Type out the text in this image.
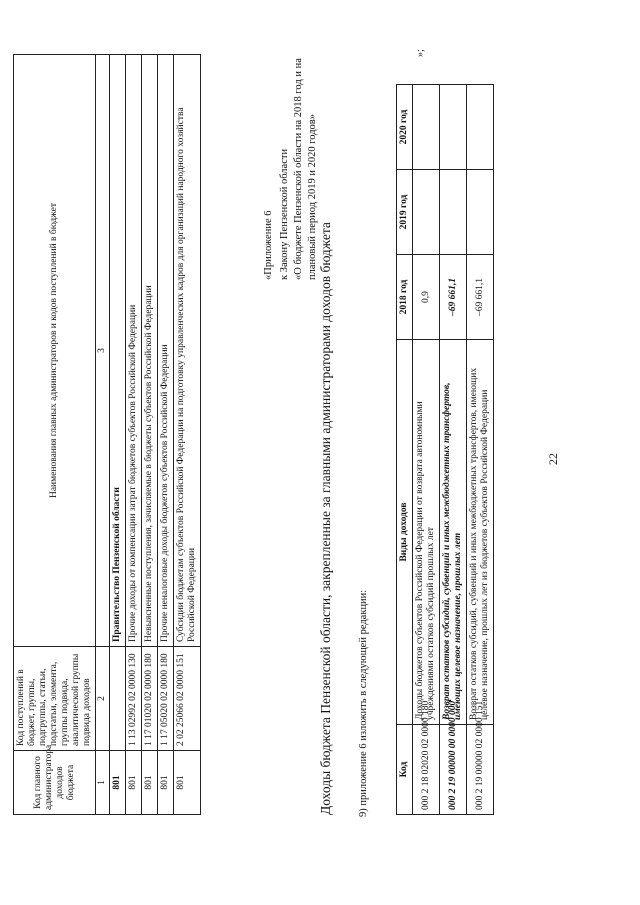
22
Код	Виды доходов	2018 год	2019 год	2020 год
000 2 18 02020 02 0000 180	Доходы бюджетов субъектов Российской Федерации от возврата автономными учреждениями остатков субсидий прошлых лет	0,9		
000 2 19 00000 00 0000 000	Возврат остатков субсидий, субвенций и иных межбюджетных трансфертов, имеющих целевое назначение, прошлых лет	–69 661,1		
000 2 19 00000 02 0000 151	Возврат остатков субсидий, субвенций и иных межбюджетных трансфертов, имеющих целевое назначение, прошлых лет из бюджетов субъектов Российской Федерации	–69 661,1		
»;
9) приложение 6 изложить в следующей редакции:
«Приложение 6 к Закону Пензенской области «О бюджете Пензенской области на 2018 год и на плановый период 2019 и 2020 годов»
Доходы бюджета Пензенской области, закрепленные за главными администраторами доходов бюджета
Код главного администратора доходов бюджета	Код поступлений в бюджет, группы, подгруппы, статьи, подстатьи, элемента, группы подвида, аналитической группы подвида доходов	Наименования главных администраторов и кодов поступлений в бюджет
1	2	3
801		Правительство Пензенской области
801	1 13 02992 02 0000 130	Прочие доходы от компенсации затрат бюджетов субъектов Российской Федерации
801	1 17 01020 02 0000 180	Невыясненные поступления, зачисляемые в бюджеты субъектов Российской Федерации
801	1 17 05020 02 0000 180	Прочие неналоговые доходы бюджетов субъектов Российской Федерации
801	2 02 25066 02 0000 151	Субсидии бюджетам субъектов Российской Федерации на подготовку управленческих кадров для организаций народного хозяйства Российской Федерации
